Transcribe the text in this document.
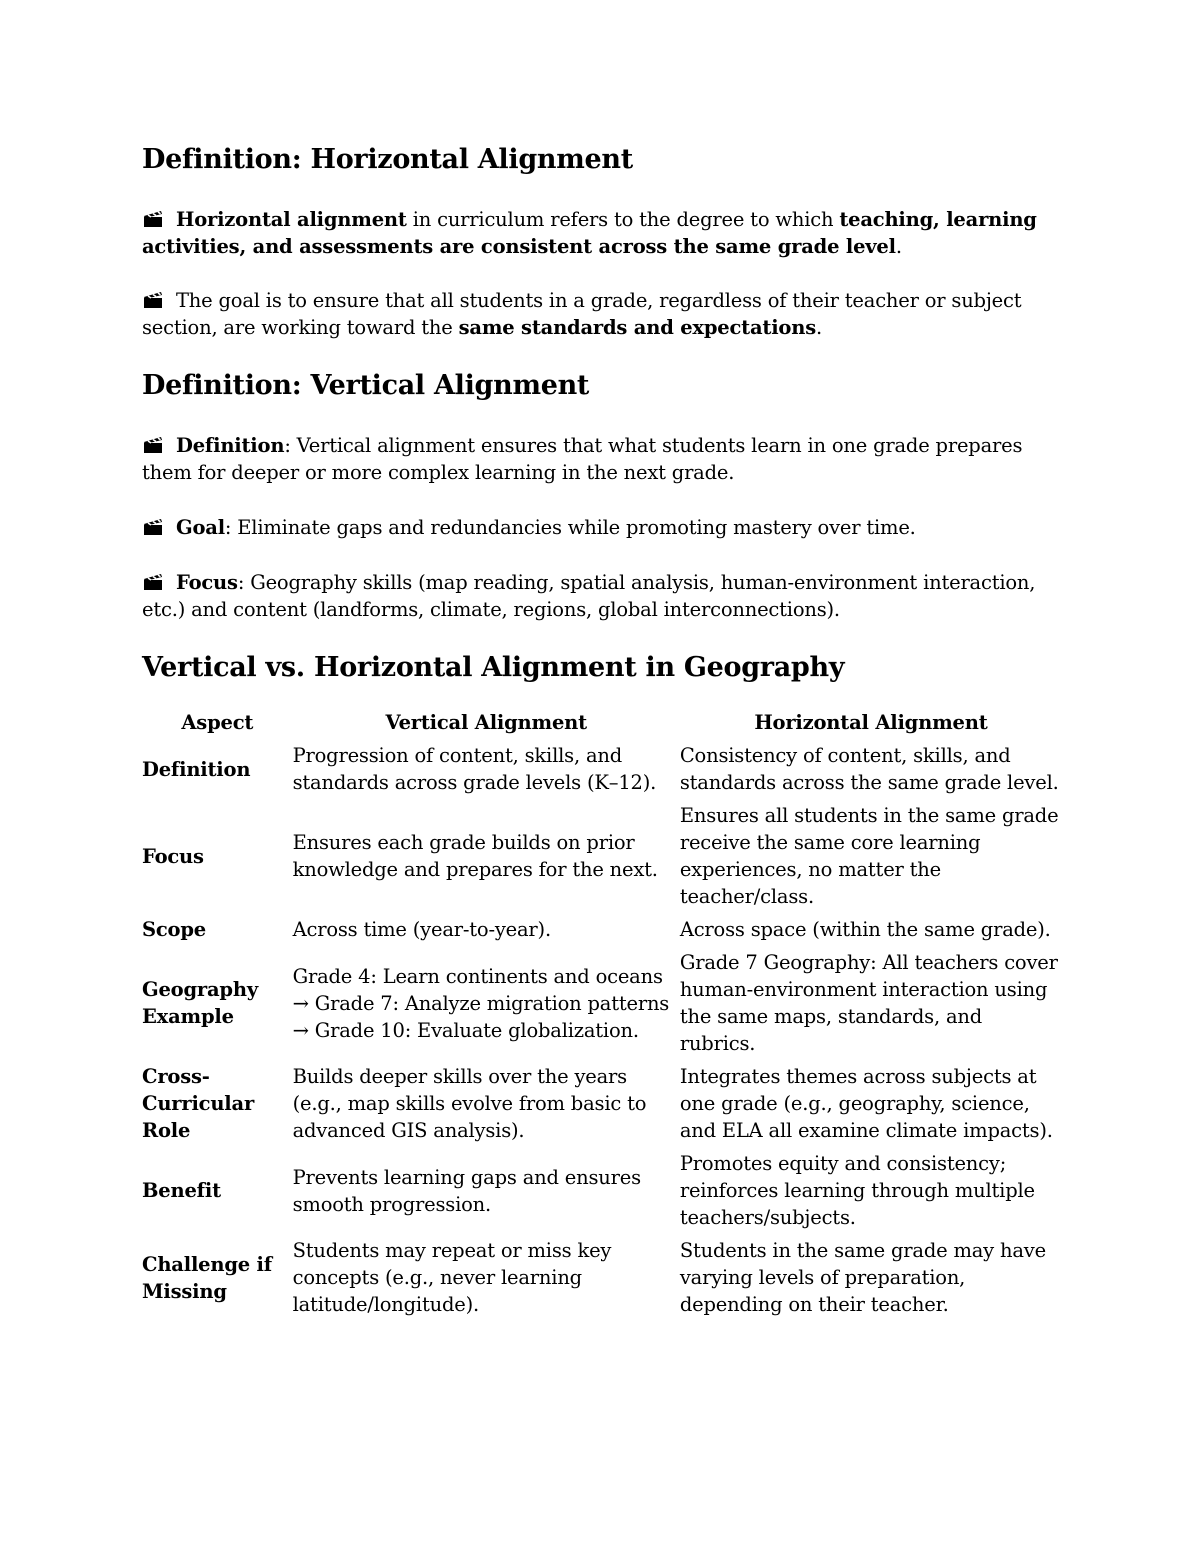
Definition: Horizontal Alignment

Horizontal alignment in curriculum refers to the degree to which teaching, learning activities, and assessments are consistent across the same grade level.

The goal is to ensure that all students in a grade, regardless of their teacher or subject section, are working toward the same standards and expectations.

Definition: Vertical Alignment

Definition: Vertical alignment ensures that what students learn in one grade prepares them for deeper or more complex learning in the next grade.

Goal: Eliminate gaps and redundancies while promoting mastery over time.

Focus: Geography skills (map reading, spatial analysis, human-environment interaction, etc.) and content (landforms, climate, regions, global interconnections).

Vertical vs. Horizontal Alignment in Geography
Aspect	Vertical Alignment	Horizontal Alignment
Definition	Progression of content, skills, and standards across grade levels (K–12).	Consistency of content, skills, and standards across the same grade level.
Focus	Ensures each grade builds on prior knowledge and prepares for the next.	Ensures all students in the same grade receive the same core learning experiences, no matter the teacher/class.
Scope	Across time (year-to-year).	Across space (within the same grade).
Geography Example	Grade 4: Learn continents and oceans → Grade 7: Analyze migration patterns → Grade 10: Evaluate globalization.	Grade 7 Geography: All teachers cover human-environment interaction using the same maps, standards, and rubrics.
Cross-Curricular Role	Builds deeper skills over the years (e.g., map skills evolve from basic to advanced GIS analysis).	Integrates themes across subjects at one grade (e.g., geography, science, and ELA all examine climate impacts).
Benefit	Prevents learning gaps and ensures smooth progression.	Promotes equity and consistency; reinforces learning through multiple teachers/subjects.
Challenge if Missing	Students may repeat or miss key concepts (e.g., never learning latitude/longitude).	Students in the same grade may have varying levels of preparation, depending on their teacher.
